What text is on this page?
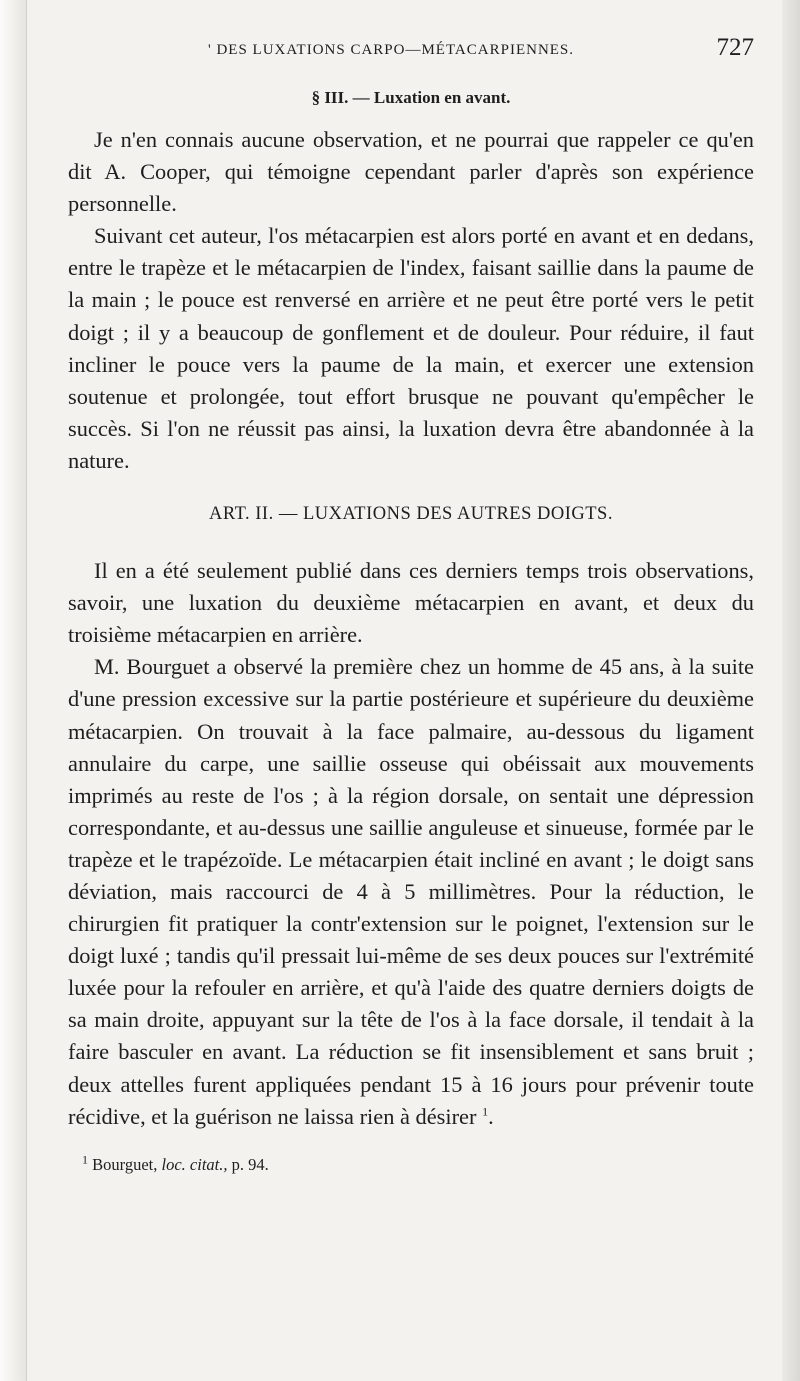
' DES LUXATIONS CARPO—MÉTACARPIENNES.	727
§ III. — Luxation en avant.

Je n'en connais aucune observation, et ne pourrai que rappeler ce qu'en dit A. Cooper, qui témoigne cependant parler d'après son expérience personnelle.

Suivant cet auteur, l'os métacarpien est alors porté en avant et en dedans, entre le trapèze et le métacarpien de l'index, faisant saillie dans la paume de la main ; le pouce est renversé en arrière et ne peut être porté vers le petit doigt ; il y a beaucoup de gonflement et de douleur. Pour réduire, il faut incliner le pouce vers la paume de la main, et exercer une extension soutenue et prolongée, tout effort brusque ne pouvant qu'empêcher le succès. Si l'on ne réussit pas ainsi, la luxation devra être abandonnée à la nature.

ART. II. — LUXATIONS DES AUTRES DOIGTS.

Il en a été seulement publié dans ces derniers temps trois observations, savoir, une luxation du deuxième métacarpien en avant, et deux du troisième métacarpien en arrière.

M. Bourguet a observé la première chez un homme de 45 ans, à la suite d'une pression excessive sur la partie postérieure et supérieure du deuxième métacarpien. On trouvait à la face palmaire, au-dessous du ligament annulaire du carpe, une saillie osseuse qui obéissait aux mouvements imprimés au reste de l'os ; à la région dorsale, on sentait une dépression correspondante, et au-dessus une saillie anguleuse et sinueuse, formée par le trapèze et le trapézoïde. Le métacarpien était incliné en avant ; le doigt sans déviation, mais raccourci de 4 à 5 millimètres. Pour la réduction, le chirurgien fit pratiquer la contr'extension sur le poignet, l'extension sur le doigt luxé ; tandis qu'il pressait lui-même de ses deux pouces sur l'extrémité luxée pour la refouler en arrière, et qu'à l'aide des quatre derniers doigts de sa main droite, appuyant sur la tête de l'os à la face dorsale, il tendait à la faire basculer en avant. La réduction se fit insensiblement et sans bruit ; deux attelles furent appliquées pendant 15 à 16 jours pour prévenir toute récidive, et la guérison ne laissa rien à désirer $^1$.

$^1$ Bourguet, loc. citat., p. 94.
